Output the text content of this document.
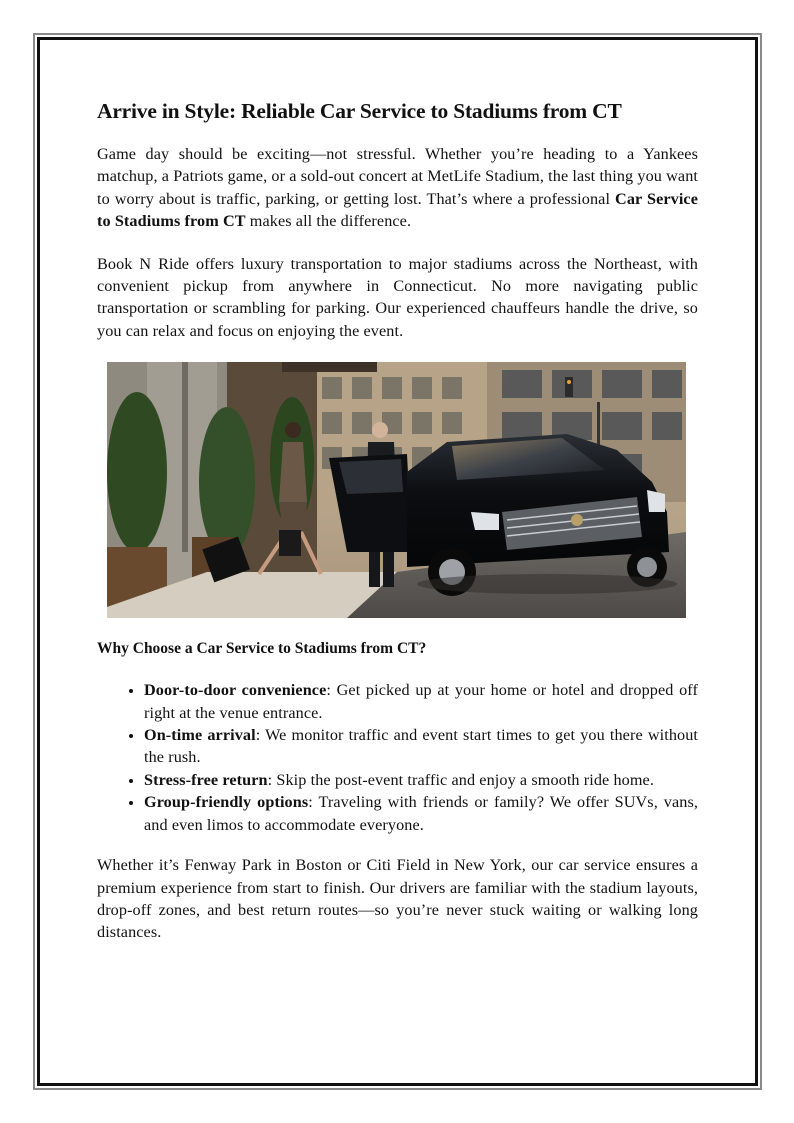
Arrive in Style: Reliable Car Service to Stadiums from CT

Game day should be exciting—not stressful. Whether you’re heading to a Yankees matchup, a Patriots game, or a sold-out concert at MetLife Stadium, the last thing you want to worry about is traffic, parking, or getting lost. That’s where a professional Car Service to Stadiums from CT makes all the difference.

Book N Ride offers luxury transportation to major stadiums across the Northeast, with convenient pickup from anywhere in Connecticut. No more navigating public transportation or scrambling for parking. Our experienced chauffeurs handle the drive, so you can relax and focus on enjoying the event.

Why Choose a Car Service to Stadiums from CT?
• Door-to-door convenience: Get picked up at your home or hotel and dropped off right at the venue entrance.
• On-time arrival: We monitor traffic and event start times to get you there without the rush.
• Stress-free return: Skip the post-event traffic and enjoy a smooth ride home.
• Group-friendly options: Traveling with friends or family? We offer SUVs, vans, and even limos to accommodate everyone.

Whether it’s Fenway Park in Boston or Citi Field in New York, our car service ensures a premium experience from start to finish. Our drivers are familiar with the stadium layouts, drop-off zones, and best return routes—so you’re never stuck waiting or walking long distances.
